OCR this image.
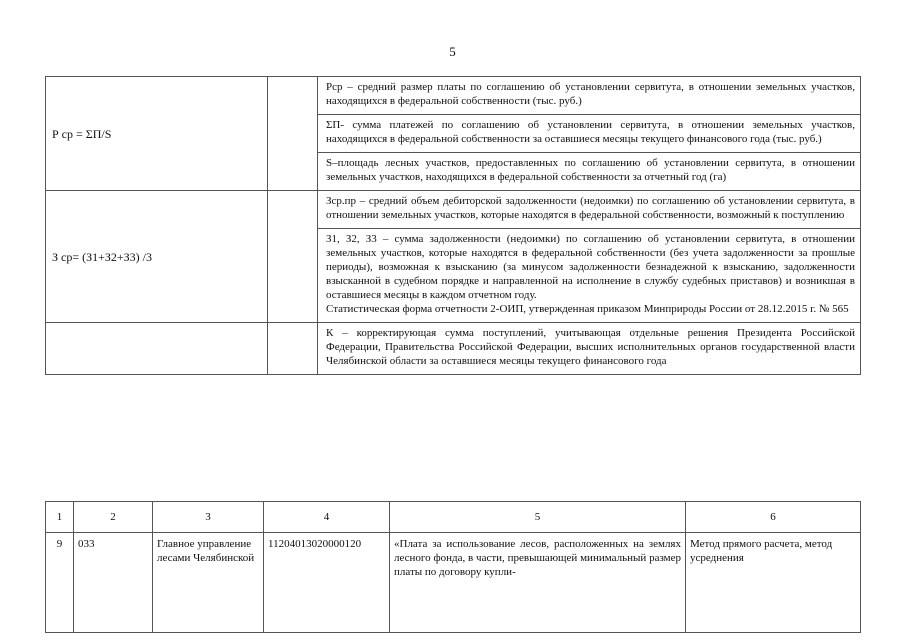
5
Р ср = ΣП/S		Рср – средний размер платы по соглашению об установлении сервитута, в отношении земельных участков, находящихся в федеральной собственности (тыс. руб.)
		ΣП- сумма платежей по соглашению об установлении сервитута, в отношении земельных участков, находящихся в федеральной собственности за оставшиеся месяцы текущего финансового года (тыс. руб.)
		S–площадь лесных участков, предоставленных по соглашению об установлении сервитута, в отношении земельных участков, находящихся в федеральной собственности за отчетный год (га)
З ср= (З1+З2+З3) /3		Зср.пр – средний объем дебиторской задолженности (недоимки) по соглашению об установлении сервитута, в отношении земельных участков, которые находятся в федеральной собственности, возможный к поступлению

		З1, З2, З3 – сумма задолженности (недоимки) по соглашению об установлении сервитута, в отношении земельных участков, которые находятся в федеральной собственности (без учета задолженности за прошлые периоды), возможная к взысканию (за минусом задолженности безнадежной к взысканию, задолженности взысканной в судебном порядке и направленной на исполнение в службу судебных приставов) и возникшая в оставшиеся месяцы в каждом отчетном году.
Статистическая форма отчетности 2-ОИП, утвержденная приказом Минприроды России от 28.12.2015 г. № 565

		К – корректирующая сумма поступлений, учитывающая отдельные решения Президента Российской Федерации, Правительства Российской Федерации, высших исполнительных органов государственной власти Челябинской области за оставшиеся месяцы текущего финансового года
1	2	3	4	5	6
9	033	Главное управление лесами Челябинской	11204013020000120	«Плата за использование лесов, расположенных на землях лесного фонда, в части, превышающей минимальный размер платы по договору купли-	Метод прямого расчета, метод усреднения
